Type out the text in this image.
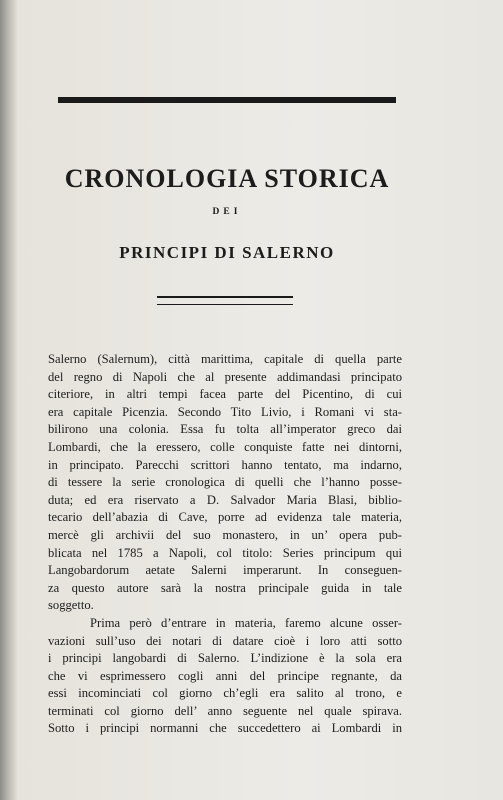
CRONOLOGIA STORICA
DEI
PRINCIPI DI SALERNO
Salerno (Salernum), città marittima, capitale di quella parte
del regno di Napoli che al presente addimandasi principato
citeriore, in altri tempi facea parte del Picentino, di cui
era capitale Picenzia. Secondo Tito Livio, i Romani vi sta-
bilirono una colonia. Essa fu tolta all’imperator greco dai
Lombardi, che la eressero, colle conquiste fatte nei dintorni,
in principato. Parecchi scrittori hanno tentato, ma indarno,
di tessere la serie cronologica di quelli che l’hanno posse-
duta; ed era riservato a D. Salvador Maria Blasi, biblio-
tecario dell’abazia di Cave, porre ad evidenza tale materia,
mercè gli archivii del suo monastero, in un’ opera pub-
blicata nel 1785 a Napoli, col titolo: Series principum qui
Langobardorum aetate Salerni imperarunt. In conseguen-
za questo autore sarà la nostra principale guida in tale
soggetto.
Prima però d’entrare in materia, faremo alcune osser-
vazioni sull’uso dei notari di datare cioè i loro atti sotto
i principi langobardi di Salerno. L’indizione è la sola era
che vi esprimessero cogli anni del principe regnante, da
essi incominciati col giorno ch’egli era salito al trono, e
terminati col giorno dell’ anno seguente nel quale spirava.
Sotto i principi normanni che succedettero ai Lombardi in
